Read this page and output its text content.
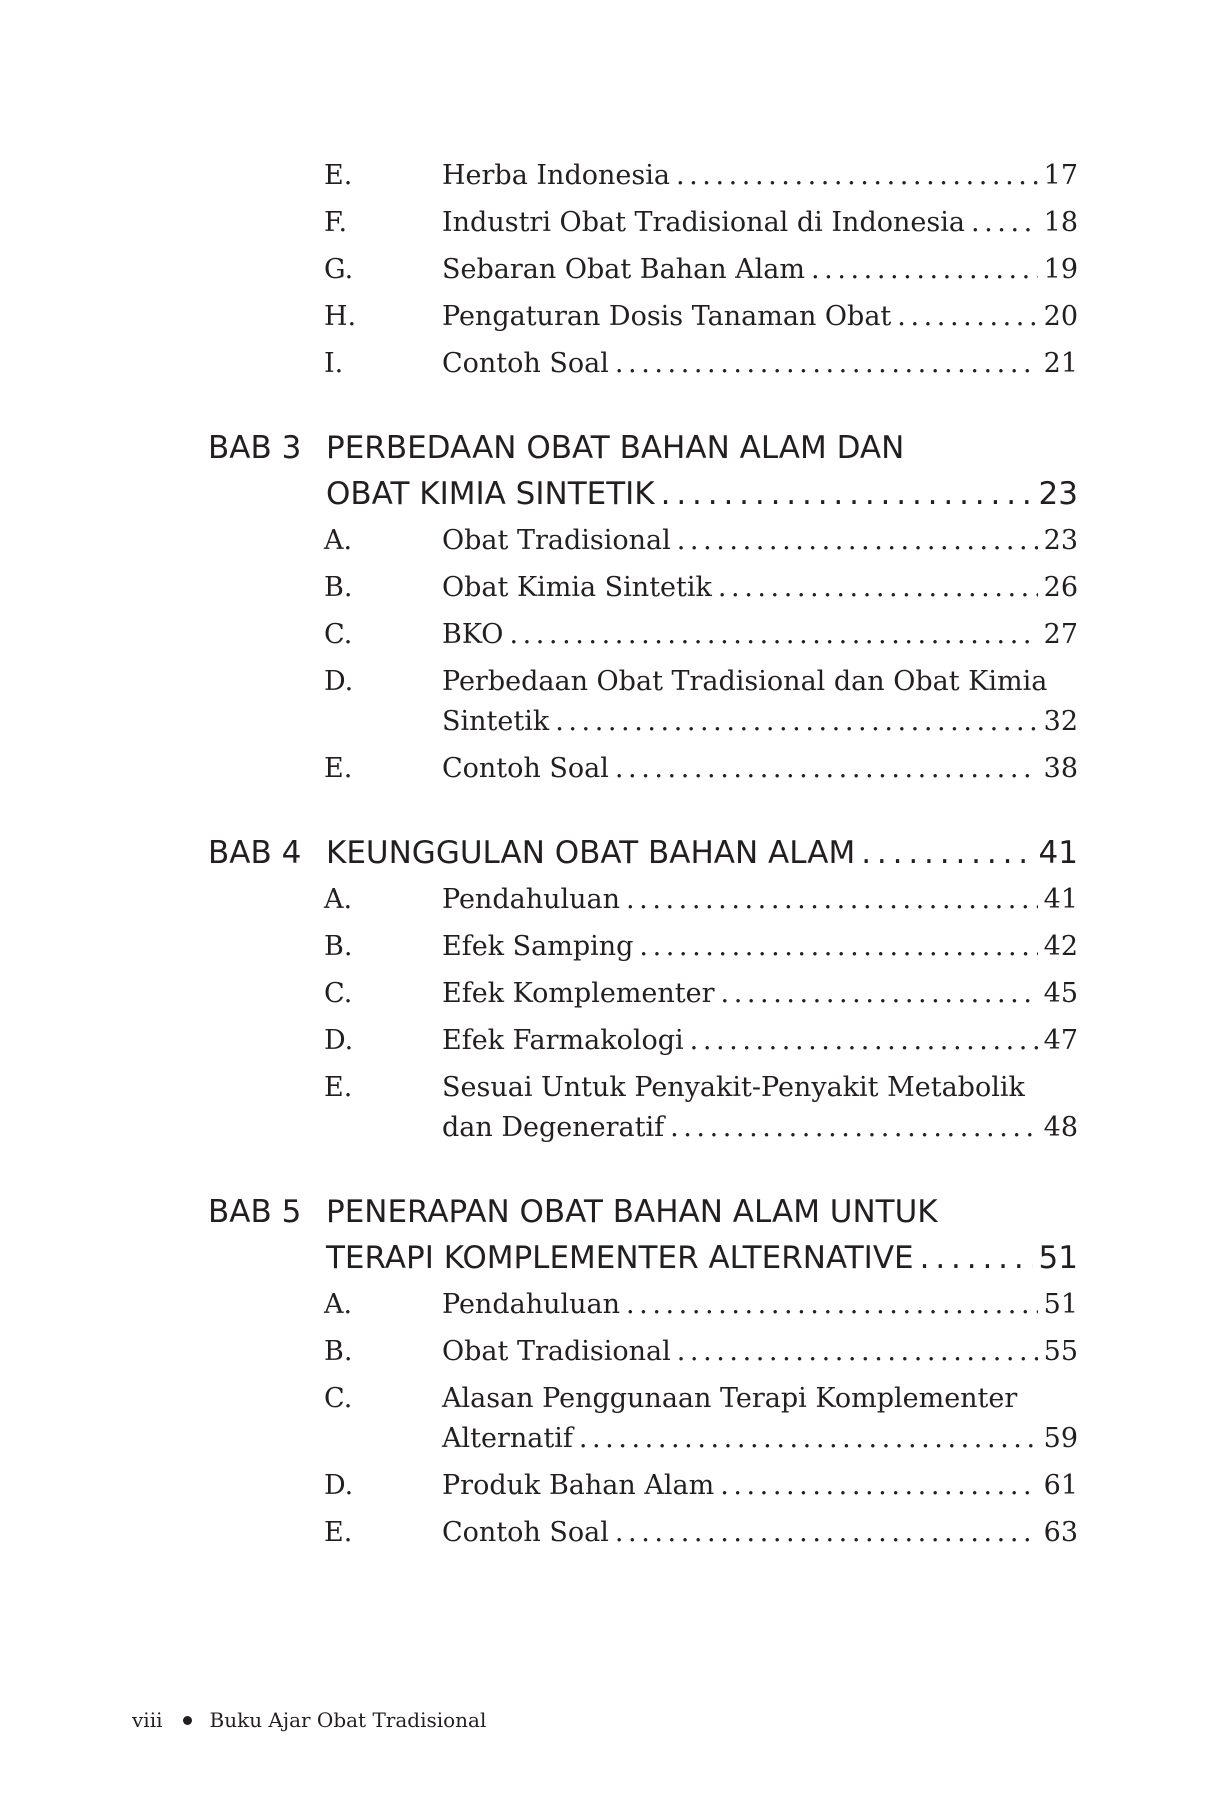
E.	Herba Indonesia . . .	17
F.	Industri Obat Tradisional di Indonesia . . .	18
G.	Sebaran Obat Bahan Alam . . .	19
H.	Pengaturan Dosis Tanaman Obat . . .	20
I.	Contoh Soal . . .	21
BAB 3 PERBEDAAN OBAT BAHAN ALAM DAN
OBAT KIMIA SINTETIK . . .	23
A.	Obat Tradisional . . .	23
B.	Obat Kimia Sintetik . . .	26
C.	BKO . . .	27
D.	Perbedaan Obat Tradisional dan Obat Kimia
Sintetik . . .	32
E.	Contoh Soal . . .	38
BAB 4 KEUNGGULAN OBAT BAHAN ALAM . . .	41
A.	Pendahuluan . . .	41
B.	Efek Samping . . .	42
C.	Efek Komplementer . . .	45
D.	Efek Farmakologi . . .	47
E.	Sesuai Untuk Penyakit-Penyakit Metabolik
dan Degeneratif . . .	48
BAB 5 PENERAPAN OBAT BAHAN ALAM UNTUK
TERAPI KOMPLEMENTER ALTERNATIVE . . .	51
A.	Pendahuluan . . .	51
B.	Obat Tradisional . . .	55
C.	Alasan Penggunaan Terapi Komplementer
Alternatif . . .	59
D.	Produk Bahan Alam . . .	61
E.	Contoh Soal . . .	63
viii Buku Ajar Obat Tradisional
